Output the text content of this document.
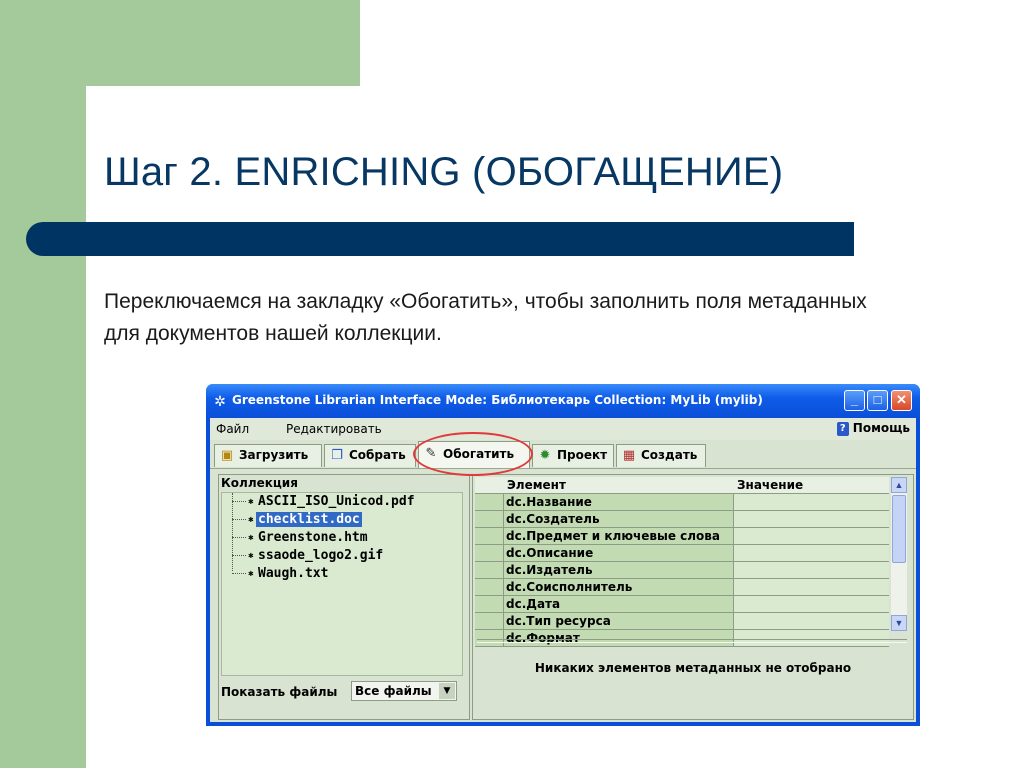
Шаг 2. ENRICHING (ОБОГАЩЕНИЕ)
Переключаемся на закладку «Обогатить», чтобы заполнить поля метаданных для документов нашей коллекции.
✲ Greenstone Librarian Interface Mode: Библиотекарь Collection: MyLib (mylib)	_	□	✕
Файл	Редактировать	? Помощь
▣ Загрузить	❐ Собрать	✎ Обогатить	✹ Проект	▦ Создать
Коллекция
✱ ASCII_ISO_Unicod.pdf
✱ checklist.doc
✱ Greenstone.htm
✱ ssaode_logo2.gif
✱ Waugh.txt
Показать файлы	Все файлы	▼
Элемент	Значение
dc.Название
dc.Создатель
dc.Предмет и ключевые слова
dc.Описание
dc.Издатель
dc.Соисполнитель
dc.Дата
dc.Тип ресурса
dc.Формат
▲
▼
Никаких элементов метаданных не отобрано
